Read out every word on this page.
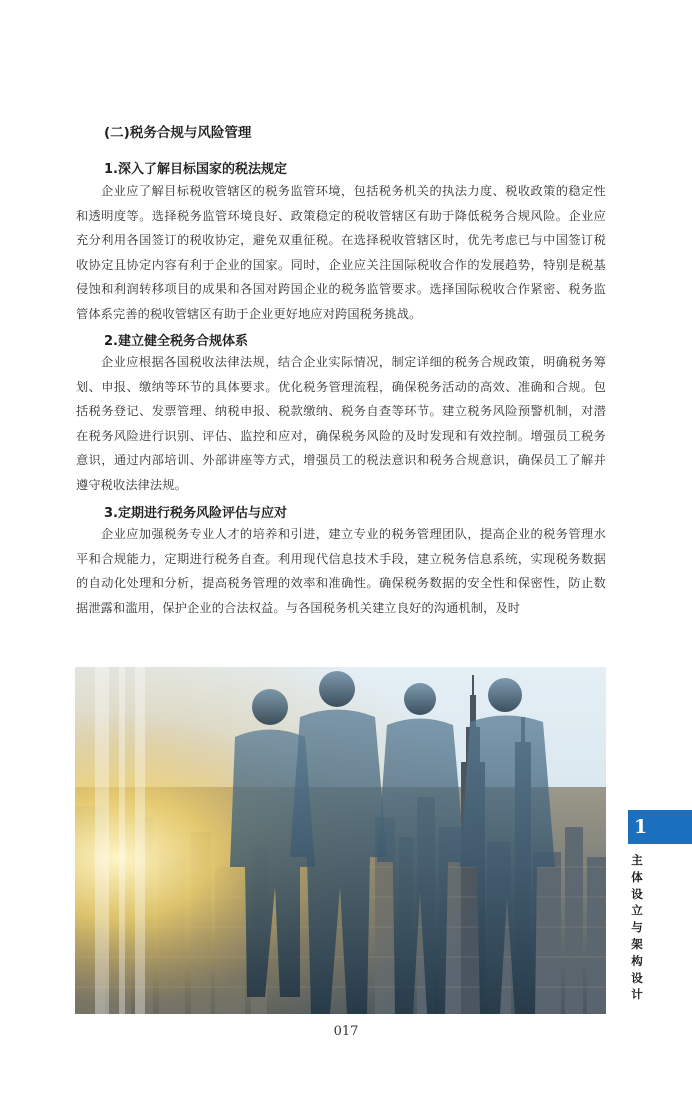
(二)税务合规与风险管理
1.深入了解目标国家的税法规定

企业应了解目标税收管辖区的税务监管环境，包括税务机关的执法力度、税收政策的稳定性和透明度等。选择税务监管环境良好、政策稳定的税收管辖区有助于降低税务合规风险。企业应充分利用各国签订的税收协定，避免双重征税。在选择税收管辖区时，优先考虑已与中国签订税收协定且协定内容有利于企业的国家。同时，企业应关注国际税收合作的发展趋势，特别是税基侵蚀和利润转移项目的成果和各国对跨国企业的税务监管要求。选择国际税收合作紧密、税务监管体系完善的税收管辖区有助于企业更好地应对跨国税务挑战。

2.建立健全税务合规体系

企业应根据各国税收法律法规，结合企业实际情况，制定详细的税务合规政策，明确税务筹划、申报、缴纳等环节的具体要求。优化税务管理流程，确保税务活动的高效、准确和合规。包括税务登记、发票管理、纳税申报、税款缴纳、税务自查等环节。建立税务风险预警机制，对潜在税务风险进行识别、评估、监控和应对，确保税务风险的及时发现和有效控制。增强员工税务意识，通过内部培训、外部讲座等方式，增强员工的税法意识和税务合规意识，确保员工了解并遵守税收法律法规。

3.定期进行税务风险评估与应对

企业应加强税务专业人才的培养和引进，建立专业的税务管理团队，提高企业的税务管理水平和合规能力，定期进行税务自查。利用现代信息技术手段，建立税务信息系统，实现税务数据的自动化处理和分析，提高税务管理的效率和准确性。确保税务数据的安全性和保密性，防止数据泄露和滥用，保护企业的合法权益。与各国税务机关建立良好的沟通机制，及时

017
1
主体设立与架构设计
